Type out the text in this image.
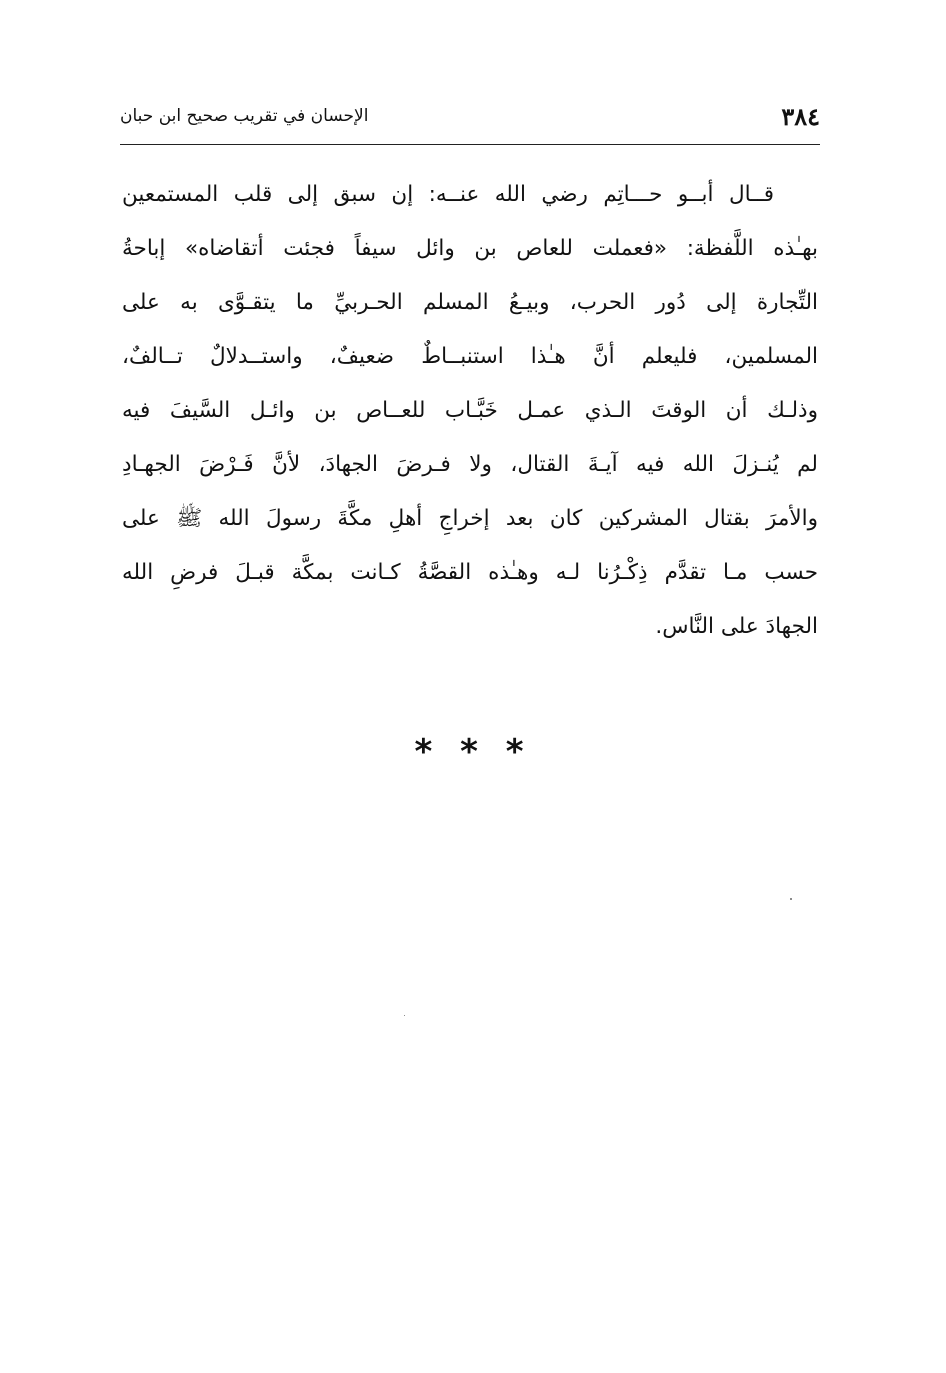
٣٨٤
الإحسان في تقريب صحيح ابن حبان
قــال أبــو حـــاتِم رضي الله عنــه: إن سبق إلى قلب المستمعين
بهـٰذه اللَّفظة: «فعملت للعاص بن وائل سيفاً فجئت أتقاضاه» إباحةُ
التِّجارة إلى دُور الحرب، وبيـعُ المسلم الحـربيِّ ما يتقـوَّى به على
المسلمين، فليعلم أنَّ هـٰذا استنبــاطٌ ضعيفٌ، واستــدلالٌ تــالفٌ،
وذلـك أن الوقتَ الـذي عمـل خَبَّـاب للعــاص بن وائـل السَّيفَ فيه
لم يُنـزلَ الله فيه آيـةَ القتال، ولا فـرضَ الجهادَ، لأنَّ فَـرْضَ الجهـادِ
والأمرَ بقتال المشركين كان بعد إخراجِ أهلِ مكَّةَ رسولَ الله ﷺ على
حسب مـا تقدَّم ذِكْـرُنا لـه وهـٰذه القصَّةُ كـانت بمكَّة قبـلَ فرضِ الله
الجهادَ على النَّاس.
* * *
